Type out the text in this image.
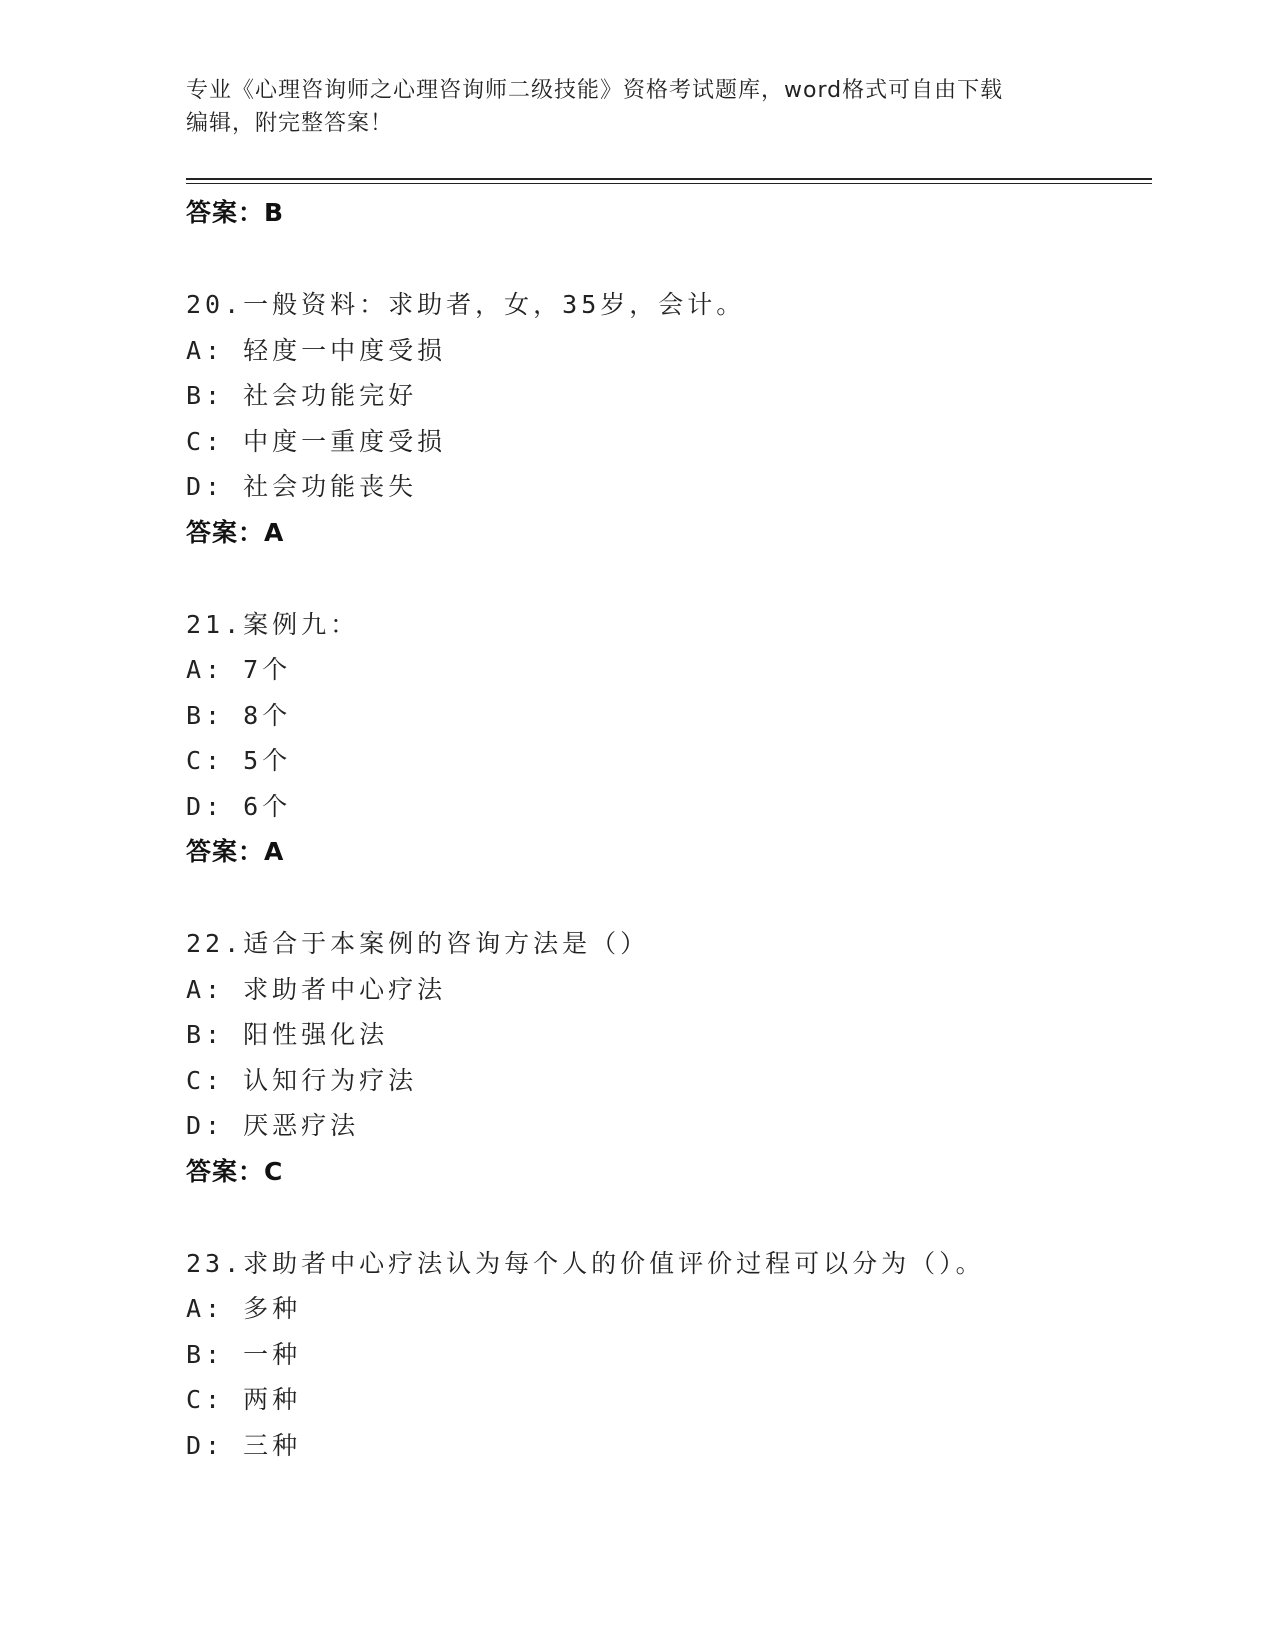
专业《心理咨询师之心理咨询师二级技能》资格考试题库，word格式可自由下载
编辑，附完整答案！
答案：B
20.一般资料：求助者，女，35岁，会计。
A: 轻度一中度受损
B: 社会功能完好
C: 中度一重度受损
D: 社会功能丧失
答案：A
21.案例九：
A: 7个
B: 8个
C: 5个
D: 6个
答案：A
22.适合于本案例的咨询方法是（）
A: 求助者中心疗法
B: 阳性强化法
C: 认知行为疗法
D: 厌恶疗法
答案：C
23.求助者中心疗法认为每个人的价值评价过程可以分为（）。
A: 多种
B: 一种
C: 两种
D: 三种
